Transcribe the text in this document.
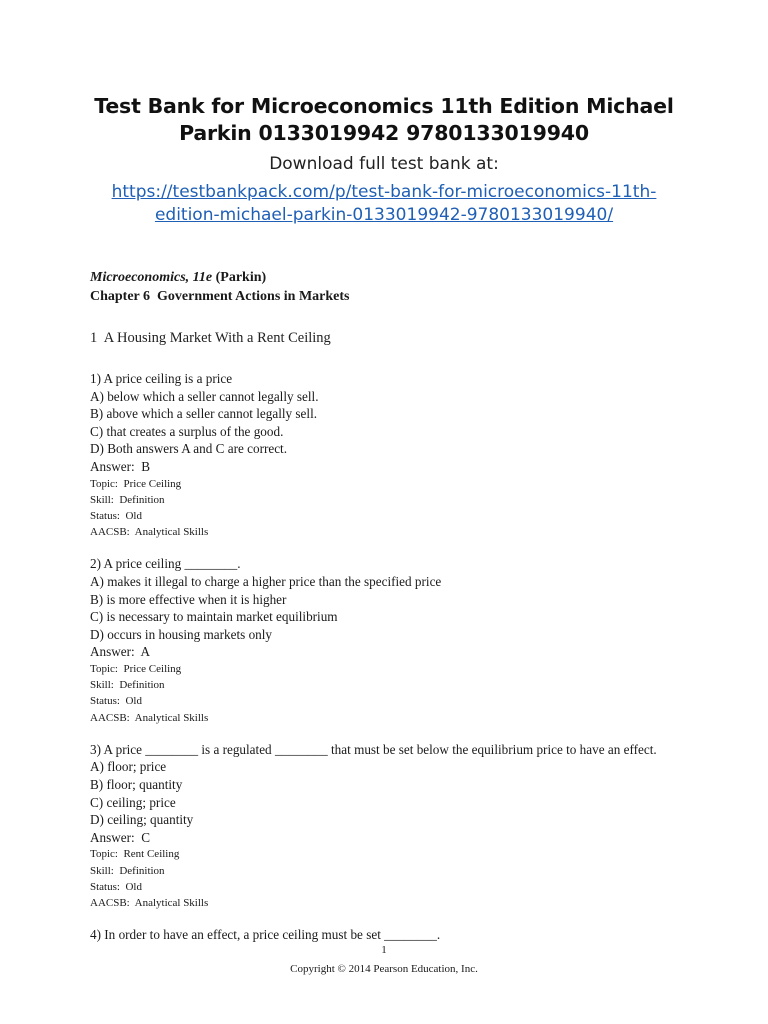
Test Bank for Microeconomics 11th Edition Michael
Parkin 0133019942 9780133019940
Download full test bank at:
https://testbankpack.com/p/test-bank-for-microeconomics-11th-
edition-michael-parkin-0133019942-9780133019940/
Microeconomics, 11e (Parkin)
Chapter 6  Government Actions in Markets
1  A Housing Market With a Rent Ceiling
1) A price ceiling is a price
A) below which a seller cannot legally sell.
B) above which a seller cannot legally sell.
C) that creates a surplus of the good.
D) Both answers A and C are correct.
Answer:  B
Topic:  Price Ceiling
Skill:  Definition
Status:  Old
AACSB:  Analytical Skills
2) A price ceiling ________.
A) makes it illegal to charge a higher price than the specified price
B) is more effective when it is higher
C) is necessary to maintain market equilibrium
D) occurs in housing markets only
Answer:  A
Topic:  Price Ceiling
Skill:  Definition
Status:  Old
AACSB:  Analytical Skills
3) A price ________ is a regulated ________ that must be set below the equilibrium price to have an effect.
A) floor; price
B) floor; quantity
C) ceiling; price
D) ceiling; quantity
Answer:  C
Topic:  Rent Ceiling
Skill:  Definition
Status:  Old
AACSB:  Analytical Skills
4) In order to have an effect, a price ceiling must be set ________.
1
Copyright © 2014 Pearson Education, Inc.
